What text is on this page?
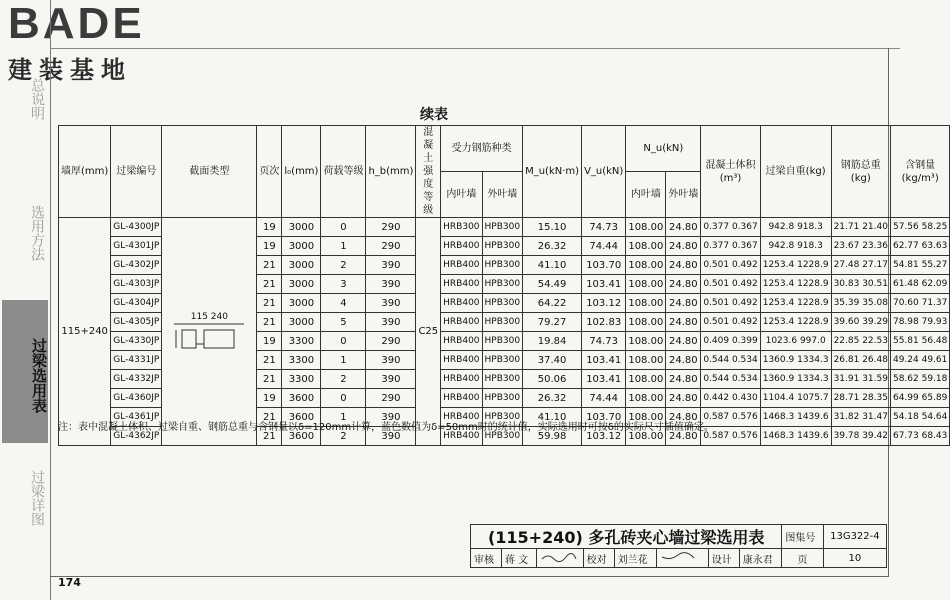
BADE
建装基地
总说明
选用方法
过梁选用表
过梁详图
续表
墙厚(mm)	过梁编号	截面类型	页次	l₀(mm)	荷载等级	h_b(mm)	混凝土强度等级	受力钢筋种类		M_u(kN·m)	V_u(kN)	N_u(kN)		混凝土体积(m³)	过梁自重(kg)	钢筋总重(kg)	含钢量(kg/m³)
								内叶墙	外叶墙			内叶墙	外叶墙				
115+240	GL-4300JP	115 240	19	3000	0	290	C25	HRB300	HPB300	15.10	74.73	108.00	24.80	0.377 0.367	942.8 918.3	21.71 21.40	57.56 58.25
	GL-4301JP		19	3000	1	290		HRB400	HPB300	26.32	74.44	108.00	24.80	0.377 0.367	942.8 918.3	23.67 23.36	62.77 63.63
	GL-4302JP		21	3000	2	390		HRB400	HPB300	41.10	103.70	108.00	24.80	0.501 0.492	1253.4 1228.9	27.48 27.17	54.81 55.27
	GL-4303JP		21	3000	3	390		HRB400	HPB300	54.49	103.41	108.00	24.80	0.501 0.492	1253.4 1228.9	30.83 30.51	61.48 62.09
	GL-4304JP		21	3000	4	390		HRB400	HPB300	64.22	103.12	108.00	24.80	0.501 0.492	1253.4 1228.9	35.39 35.08	70.60 71.37
	GL-4305JP		21	3000	5	390		HRB400	HPB300	79.27	102.83	108.00	24.80	0.501 0.492	1253.4 1228.9	39.60 39.29	78.98 79.93
	GL-4330JP		19	3300	0	290		HRB400	HPB300	19.84	74.73	108.00	24.80	0.409 0.399	1023.6 997.0	22.85 22.53	55.81 56.48
	GL-4331JP		21	3300	1	390		HRB400	HPB300	37.40	103.41	108.00	24.80	0.544 0.534	1360.9 1334.3	26.81 26.48	49.24 49.61
	GL-4332JP		21	3300	2	390		HRB400	HPB300	50.06	103.41	108.00	24.80	0.544 0.534	1360.9 1334.3	31.91 31.59	58.62 59.18
	GL-4360JP		19	3600	0	290		HRB400	HPB300	26.32	74.44	108.00	24.80	0.442 0.430	1104.4 1075.7	28.71 28.35	64.99 65.89
	GL-4361JP		21	3600	1	390		HRB400	HPB300	41.10	103.70	108.00	24.80	0.587 0.576	1468.3 1439.6	31.82 31.47	54.18 54.64
	GL-4362JP		21	3600	2	390		HRB400	HPB300	59.98	103.12	108.00	24.80	0.587 0.576	1468.3 1439.6	39.78 39.42	67.73 68.43
注：表中混凝土体积、过梁自重、钢筋总重与含钢量以δ=120mm计算，蓝色数值为δ=50mm时的统计值，实际选用时可按δ的实际尺寸插值确定。
(115+240) 多孔砖夹心墙过梁选用表								图集号	13G322-4
审核	蒋 文		校对	刘兰花		设计	康永君	页	10
174
